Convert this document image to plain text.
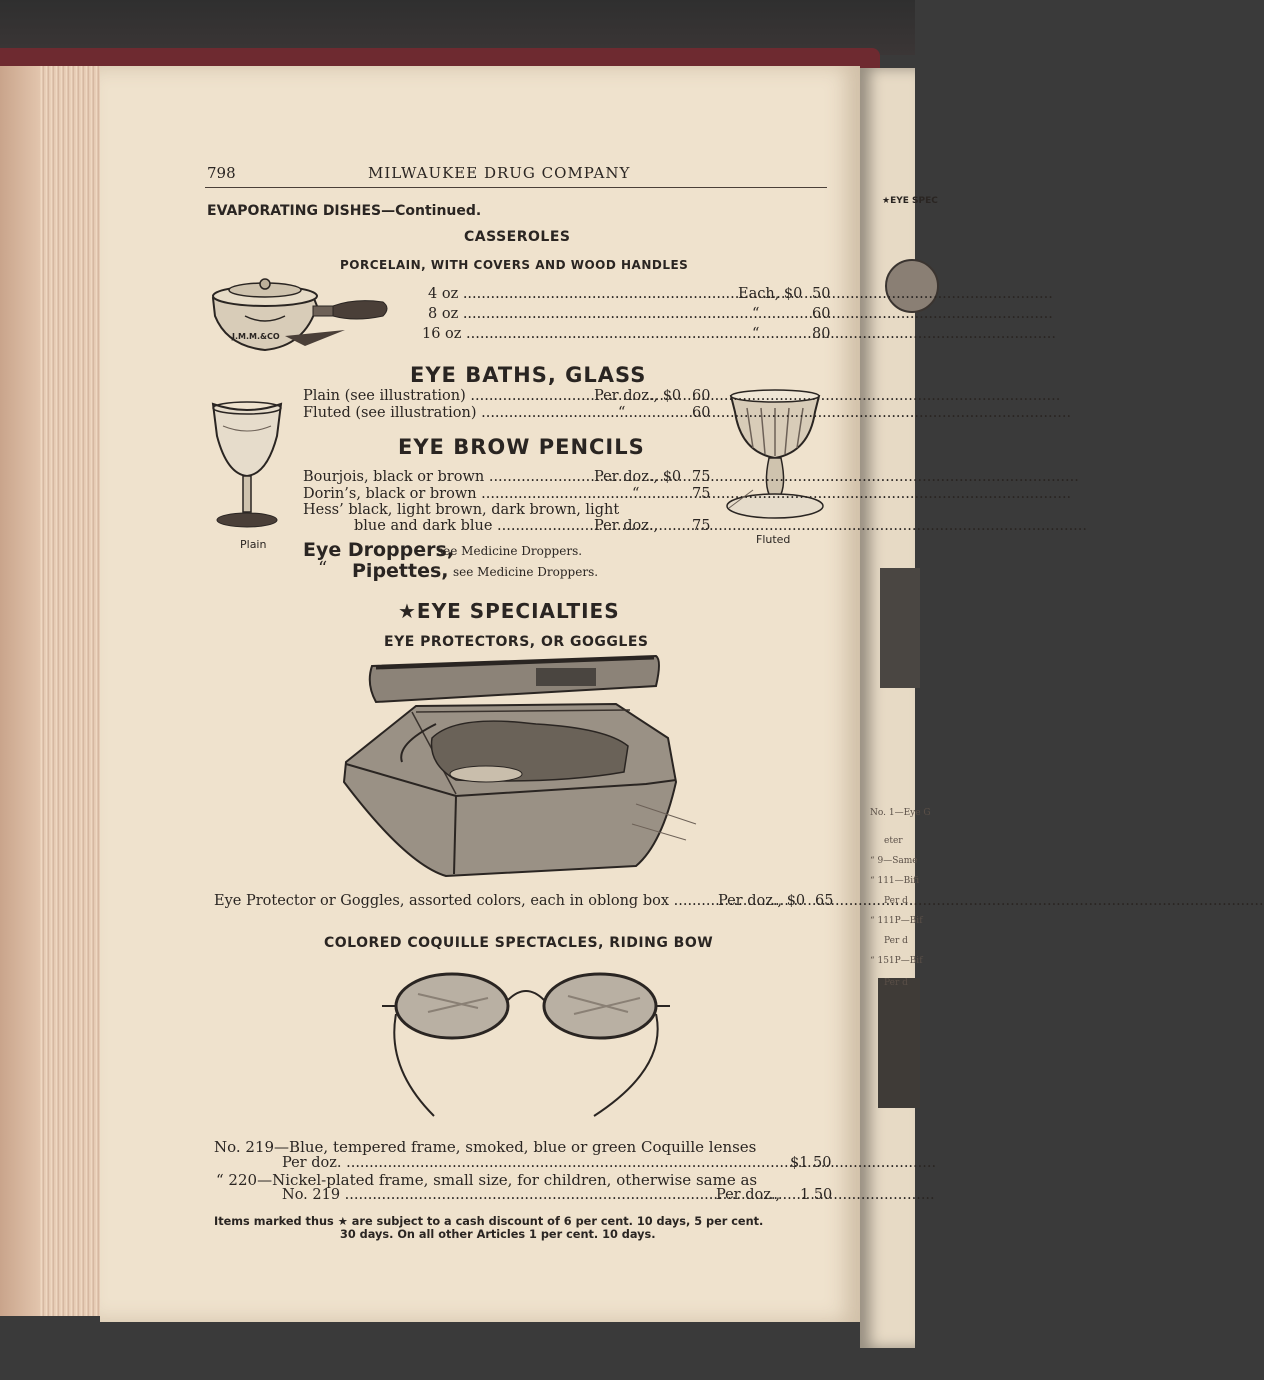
★EYE SPEC
No. 1—Eye G
eter
“ 9—Same
“ 111—Bifi
Per d
“ 111P—Bif
Per d
“ 151P—Bif
Per d
798	MILWAUKEE DRUG COMPANY
EVAPORATING DISHES—Continued.
CASSEROLES
PORCELAIN, WITH COVERS AND WOOD HANDLES
J.M.M.&CO
4 oz .....	Each, $0 50
8 oz .....	“	60
16 oz .....	“	80
EYE BATHS, GLASS
Plain	Fluted
Plain (see illustration) .....	Per doz., $0 60
Fluted (see illustration) .....	“	60
EYE BROW PENCILS
Bourjois, black or brown .....	Per doz., $0 75
Dorin’s, black or brown .....	“	75
Hess’ black, light brown, dark brown, light
blue and dark blue .....	Per doz., 75
Eye Droppers,
see Medicine Droppers.
“ Pipettes, see Medicine Droppers.
★EYE SPECIALTIES
EYE PROTECTORS, OR GOGGLES
Eye Protector or Goggles, assorted colors, each in oblong box .....	Per doz., $0 65
COLORED COQUILLE SPECTACLES, RIDING BOW
No. 219—Blue, tempered frame, smoked, blue or green Coquille lenses
Per doz. .....	$1 50
“ 220—Nickel-plated frame, small size, for children, otherwise same as
No. 219 .....	Per doz., 1 50
Items marked thus ★ are subject to a cash discount of 6 per cent. 10 days, 5 per cent.
30 days. On all other Articles 1 per cent. 10 days.
